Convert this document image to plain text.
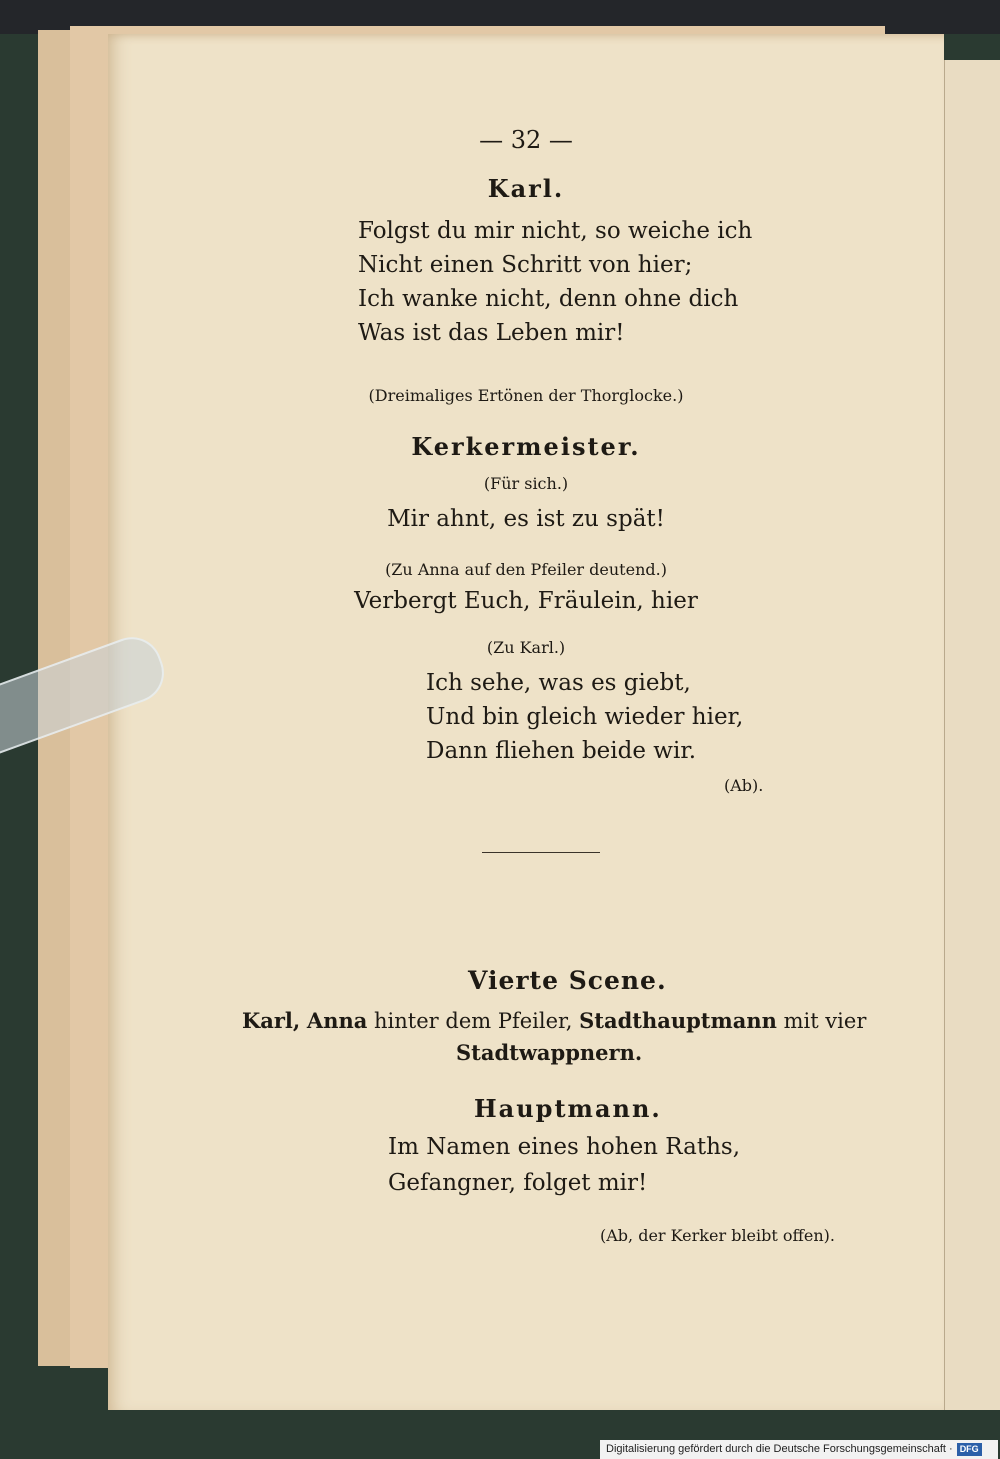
— 32 —
Karl.
Folgst du mir nicht, so weiche ich
Nicht einen Schritt von hier;
Ich wanke nicht, denn ohne dich
Was ist das Leben mir!
(Dreimaliges Ertönen der Thorglocke.)
Kerkermeister.
(Für sich.)
Mir ahnt, es ist zu spät!
(Zu Anna auf den Pfeiler deutend.)
Verbergt Euch, Fräulein, hier
(Zu Karl.)
Ich sehe, was es giebt,
Und bin gleich wieder hier,
Dann fliehen beide wir.
(Ab).
Vierte Scene.
Karl, Anna hinter dem Pfeiler, Stadthauptmann mit vier
Stadtwappnern.
Hauptmann.
Im Namen eines hohen Raths,
Gefangner, folget mir!
(Ab, der Kerker bleibt offen).
Digitalisierung gefördert durch die Deutsche Forschungsgemeinschaft · DFG
